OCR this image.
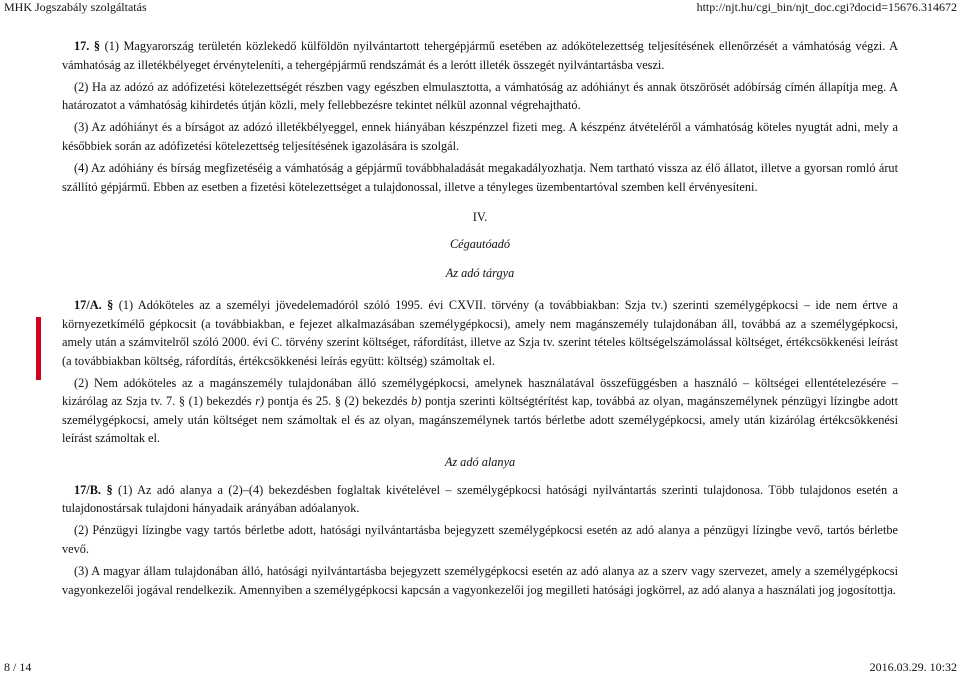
MHK Jogszabály szolgáltatás	http://njt.hu/cgi_bin/njt_doc.cgi?docid=15676.314672

17. § (1) Magyarország területén közlekedő külföldön nyilvántartott tehergépjármű esetében az adókötelezettség teljesítésének ellenőrzését a vámhatóság végzi. A vámhatóság az illetékbélyeget érvényteleníti, a tehergépjármű rendszámát és a lerótt illeték összegét nyilvántartásba veszi.

(2) Ha az adózó az adófizetési kötelezettségét részben vagy egészben elmulasztotta, a vámhatóság az adóhiányt és annak ötszörösét adóbírság címén állapítja meg. A határozatot a vámhatóság kihirdetés útján közli, mely fellebbezésre tekintet nélkül azonnal végrehajtható.

(3) Az adóhiányt és a bírságot az adózó illetékbélyeggel, ennek hiányában készpénzzel fizeti meg. A készpénz átvételéről a vámhatóság köteles nyugtát adni, mely a későbbiek során az adófizetési kötelezettség teljesítésének igazolására is szolgál.

(4) Az adóhiány és bírság megfizetéséig a vámhatóság a gépjármű továbbhaladását megakadályozhatja. Nem tartható vissza az élő állatot, illetve a gyorsan romló árut szállító gépjármű. Ebben az esetben a fizetési kötelezettséget a tulajdonossal, illetve a tényleges üzembentartóval szemben kell érvényesíteni.

IV.

Cégautóadó

Az adó tárgya

17/A. § (1) Adóköteles az a személyi jövedelemadóról szóló 1995. évi CXVII. törvény (a továbbiakban: Szja tv.) szerinti személygépkocsi – ide nem értve a környezetkímélő gépkocsit (a továbbiakban, e fejezet alkalmazásában személygépkocsi), amely nem magánszemély tulajdonában áll, továbbá az a személygépkocsi, amely után a számvitelről szóló 2000. évi C. törvény szerint költséget, ráfordítást, illetve az Szja tv. szerint tételes költségelszámolással költséget, értékcsökkenési leírást (a továbbiakban költség, ráfordítás, értékcsökkenési leírás együtt: költség) számoltak el.

(2) Nem adóköteles az a magánszemély tulajdonában álló személygépkocsi, amelynek használatával összefüggésben a használó – költségei ellentételezésére – kizárólag az Szja tv. 7. § (1) bekezdés r) pontja és 25. § (2) bekezdés b) pontja szerinti költségtérítést kap, továbbá az olyan, magánszemélynek pénzügyi lízingbe adott személygépkocsi, amely után költséget nem számoltak el és az olyan, magánszemélynek tartós bérletbe adott személygépkocsi, amely után kizárólag értékcsökkenési leírást számoltak el.

Az adó alanya

17/B. § (1) Az adó alanya a (2)–(4) bekezdésben foglaltak kivételével – személygépkocsi hatósági nyilvántartás szerinti tulajdonosa. Több tulajdonos esetén a tulajdonostársak tulajdoni hányadaik arányában adóalanyok.

(2) Pénzügyi lízingbe vagy tartós bérletbe adott, hatósági nyilvántartásba bejegyzett személygépkocsi esetén az adó alanya a pénzügyi lízingbe vevő, tartós bérletbe vevő.

(3) A magyar állam tulajdonában álló, hatósági nyilvántartásba bejegyzett személygépkocsi esetén az adó alanya az a szerv vagy szervezet, amely a személygépkocsi vagyonkezelői jogával rendelkezik. Amennyiben a személygépkocsi kapcsán a vagyonkezelői jog megilleti hatósági jogkörrel, az adó alanya a használati jog jogosítottja.

8 / 14	2016.03.29. 10:32
